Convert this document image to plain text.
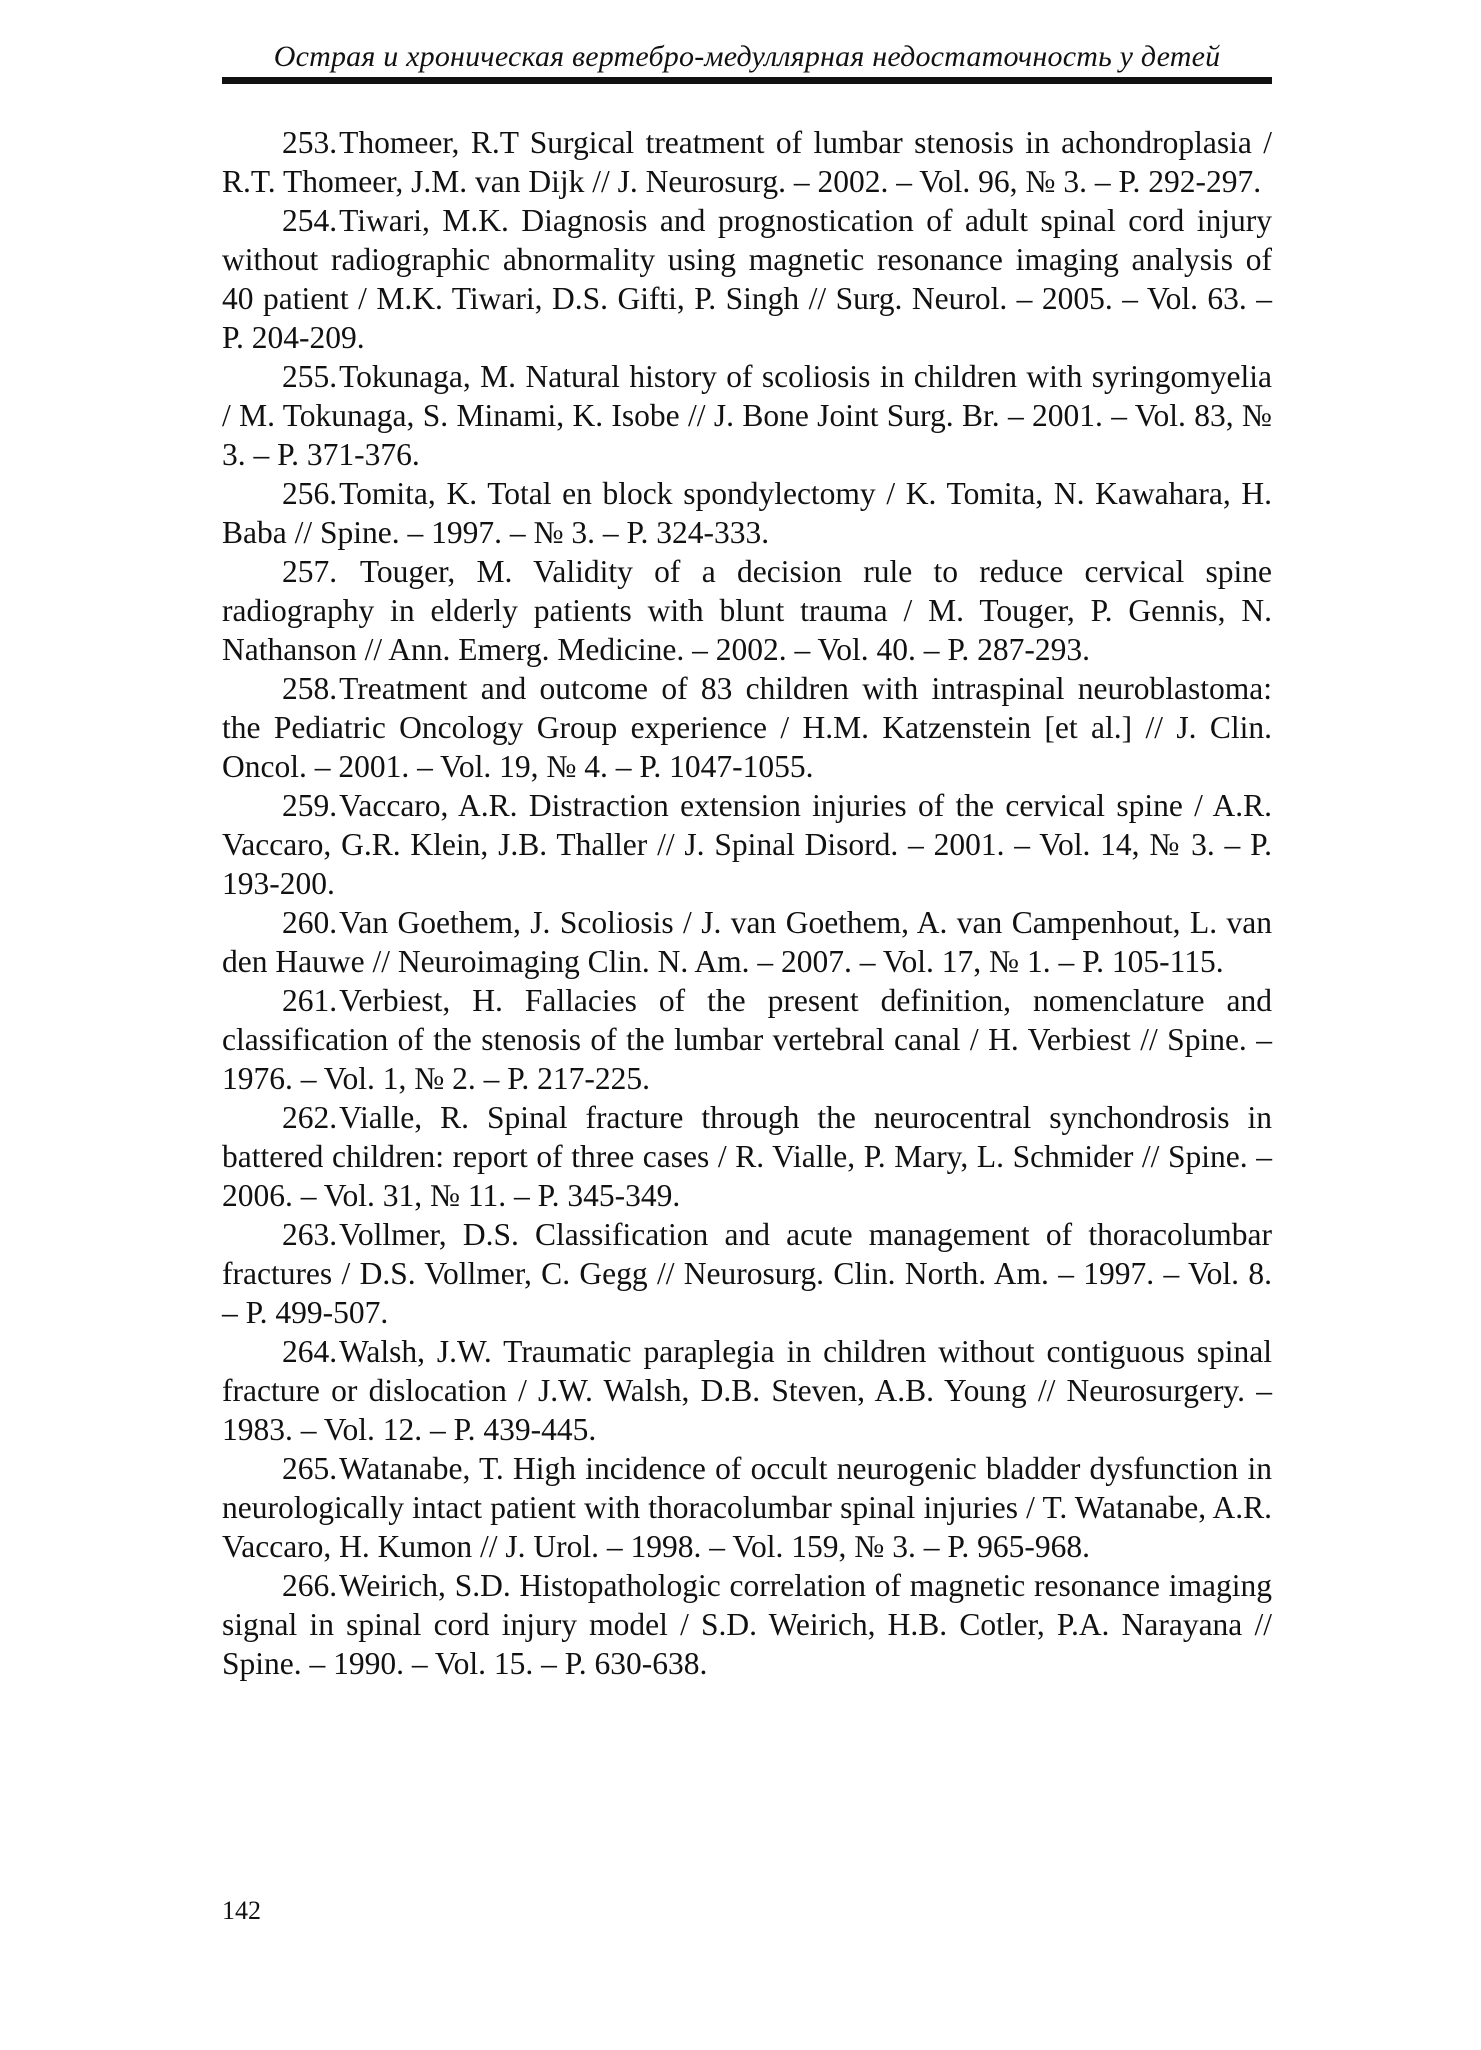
Острая и хроническая вертебро-медуллярная недостаточность у детей

253.Thomeer, R.T Surgical treatment of lumbar stenosis in achondroplasia / R.T. Thomeer, J.M. van Dijk // J. Neurosurg. – 2002. – Vol. 96, № 3. – P. 292-297.

254.Tiwari, M.K. Diagnosis and prognostication of adult spinal cord injury without radiographic abnormality using magnetic resonance imaging analysis of 40 patient / M.K. Tiwari, D.S. Gifti, P. Singh // Surg. Neurol. – 2005. – Vol. 63. – P. 204-209.

255.Tokunaga, M. Natural history of scoliosis in children with syringomyelia / M. Tokunaga, S. Minami, K. Isobe // J. Bone Joint Surg. Br. – 2001. – Vol. 83, № 3. – P. 371-376.

256.Tomita, K. Total en block spondylectomy / K. Tomita, N. Kawahara, H. Baba // Spine. – 1997. – № 3. – P. 324-333.

257. Touger, M. Validity of a decision rule to reduce cervical spine radiography in elderly patients with blunt trauma / M. Touger, P. Gennis, N. Nathanson // Ann. Emerg. Medicine. – 2002. – Vol. 40. – P. 287-293.

258.Treatment and outcome of 83 children with intraspinal neuroblastoma: the Pediatric Oncology Group experience / H.M. Katzenstein [et al.] // J. Clin. Oncol. – 2001. – Vol. 19, № 4. – P. 1047-1055.

259.Vaccaro, A.R. Distraction extension injuries of the cervical spine / A.R. Vaccaro, G.R. Klein, J.B. Thaller // J. Spinal Disord. – 2001. – Vol. 14, № 3. – P. 193-200.

260.Van Goethem, J. Scoliosis / J. van Goethem, A. van Campenhout, L. van den Hauwe // Neuroimaging Clin. N. Am. – 2007. – Vol. 17, № 1. – P. 105-115.

261.Verbiest, H. Fallacies of the present definition, nomenclature and classification of the stenosis of the lumbar vertebral canal / H. Verbiest // Spine. – 1976. – Vol. 1, № 2. – P. 217-225.

262.Vialle, R. Spinal fracture through the neurocentral synchondrosis in battered children: report of three cases / R. Vialle, P. Mary, L. Schmider // Spine. – 2006. – Vol. 31, № 11. – P. 345-349.

263.Vollmer, D.S. Classification and acute management of thoracolumbar fractures / D.S. Vollmer, C. Gegg // Neurosurg. Clin. North. Am. – 1997. – Vol. 8. – P. 499-507.

264.Walsh, J.W. Traumatic paraplegia in children without contiguous spinal fracture or dislocation / J.W. Walsh, D.B. Steven, A.B. Young // Neurosurgery. – 1983. – Vol. 12. – P. 439-445.

265.Watanabe, T. High incidence of occult neurogenic bladder dysfunction in neurologically intact patient with thoracolumbar spinal injuries / T. Watanabe, A.R. Vaccaro, H. Kumon // J. Urol. – 1998. – Vol. 159, № 3. – P. 965-968.

266.Weirich, S.D. Histopathologic correlation of magnetic resonance imaging signal in spinal cord injury model / S.D. Weirich, H.B. Cotler, P.A. Narayana // Spine. – 1990. – Vol. 15. – P. 630-638.

142
